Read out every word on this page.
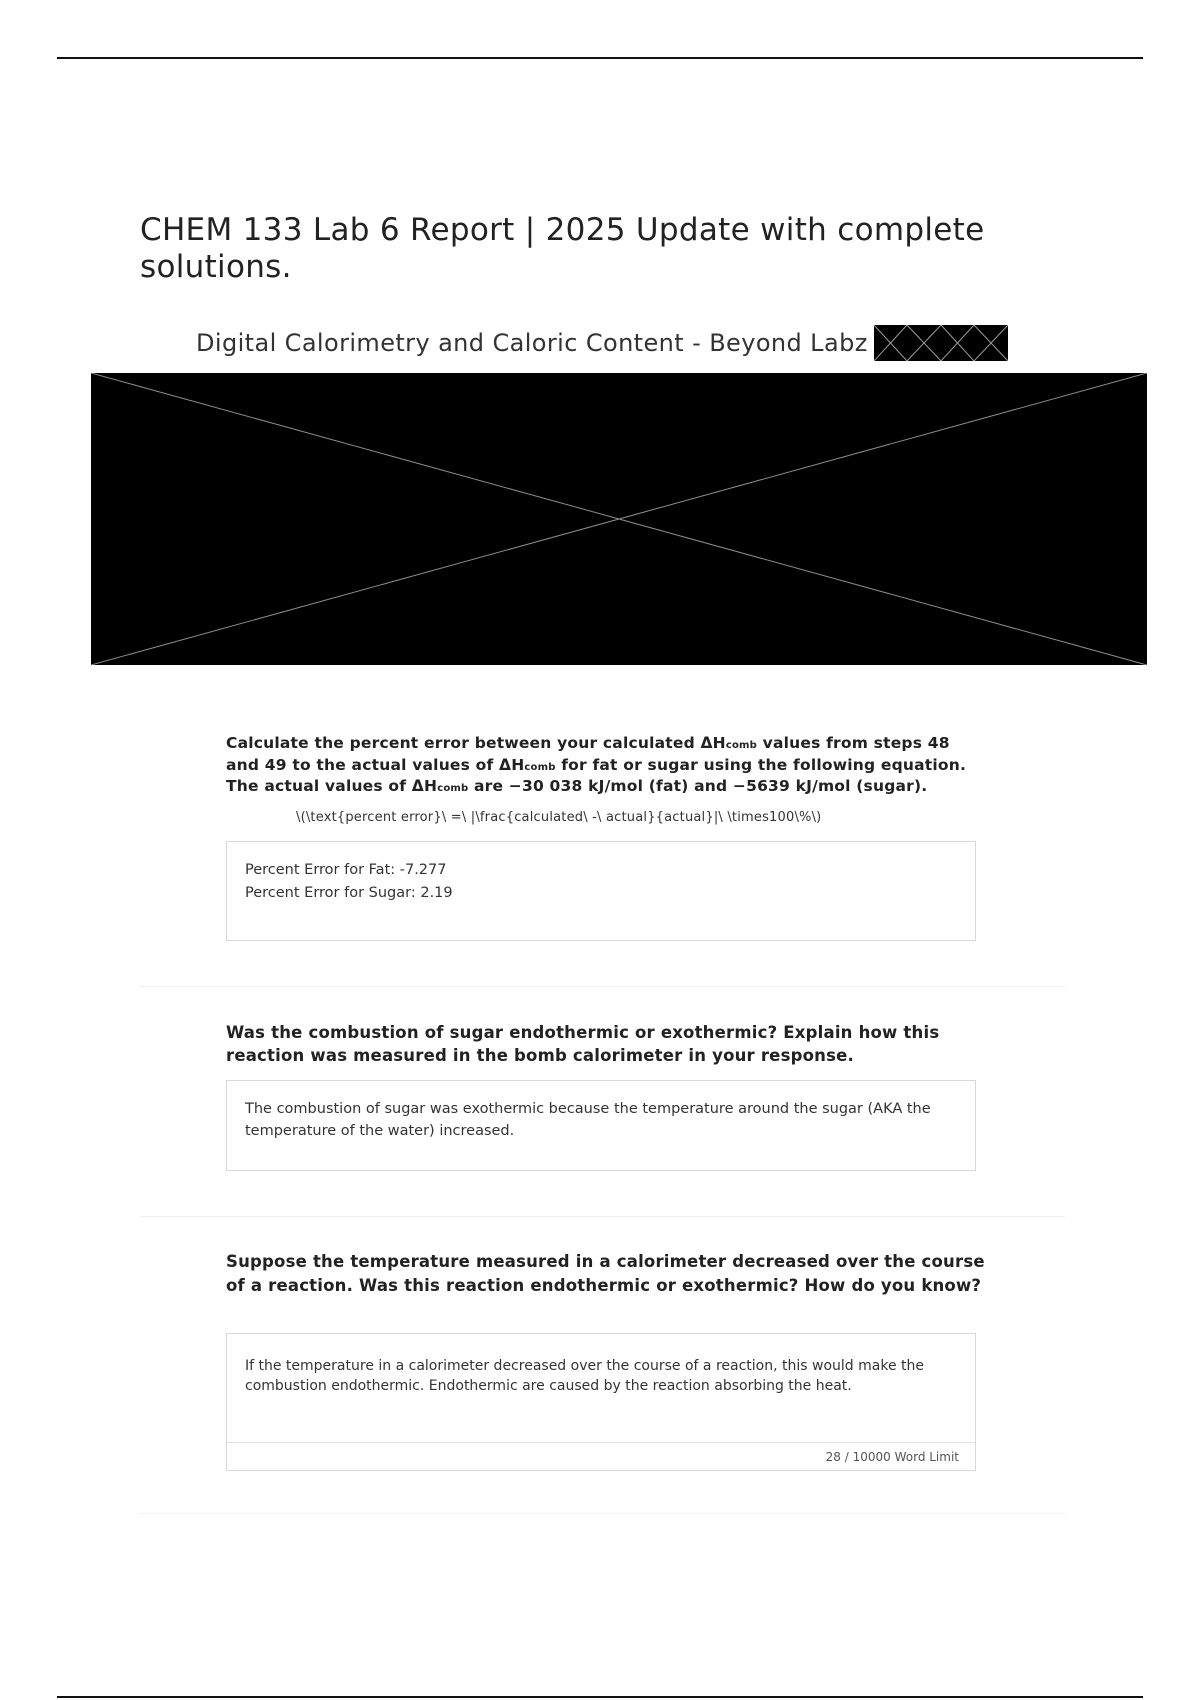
CHEM 133 Lab 6 Report | 2025 Update with complete solutions.
Digital Calorimetry and Caloric Content - Beyond Labz
Calculate the percent error between your calculated ΔHcomb values from steps 48 and 49 to the actual values of ΔHcomb for fat or sugar using the following equation. The actual values of ΔHcomb are −30 038 kJ/mol (fat) and −5639 kJ/mol (sugar).
\(\text{percent error}\ =\ |\frac{calculated\ -\ actual}{actual}|\ \times100\%\)
Percent Error for Fat: -7.277
Percent Error for Sugar: 2.19
Was the combustion of sugar endothermic or exothermic? Explain how this reaction was measured in the bomb calorimeter in your response.
The combustion of sugar was exothermic because the temperature around the sugar (AKA the temperature of the water) increased.
Suppose the temperature measured in a calorimeter decreased over the course of a reaction. Was this reaction endothermic or exothermic? How do you know?
If the temperature in a calorimeter decreased over the course of a reaction, this would make the combustion endothermic. Endothermic are caused by the reaction absorbing the heat.
28 / 10000 Word Limit
